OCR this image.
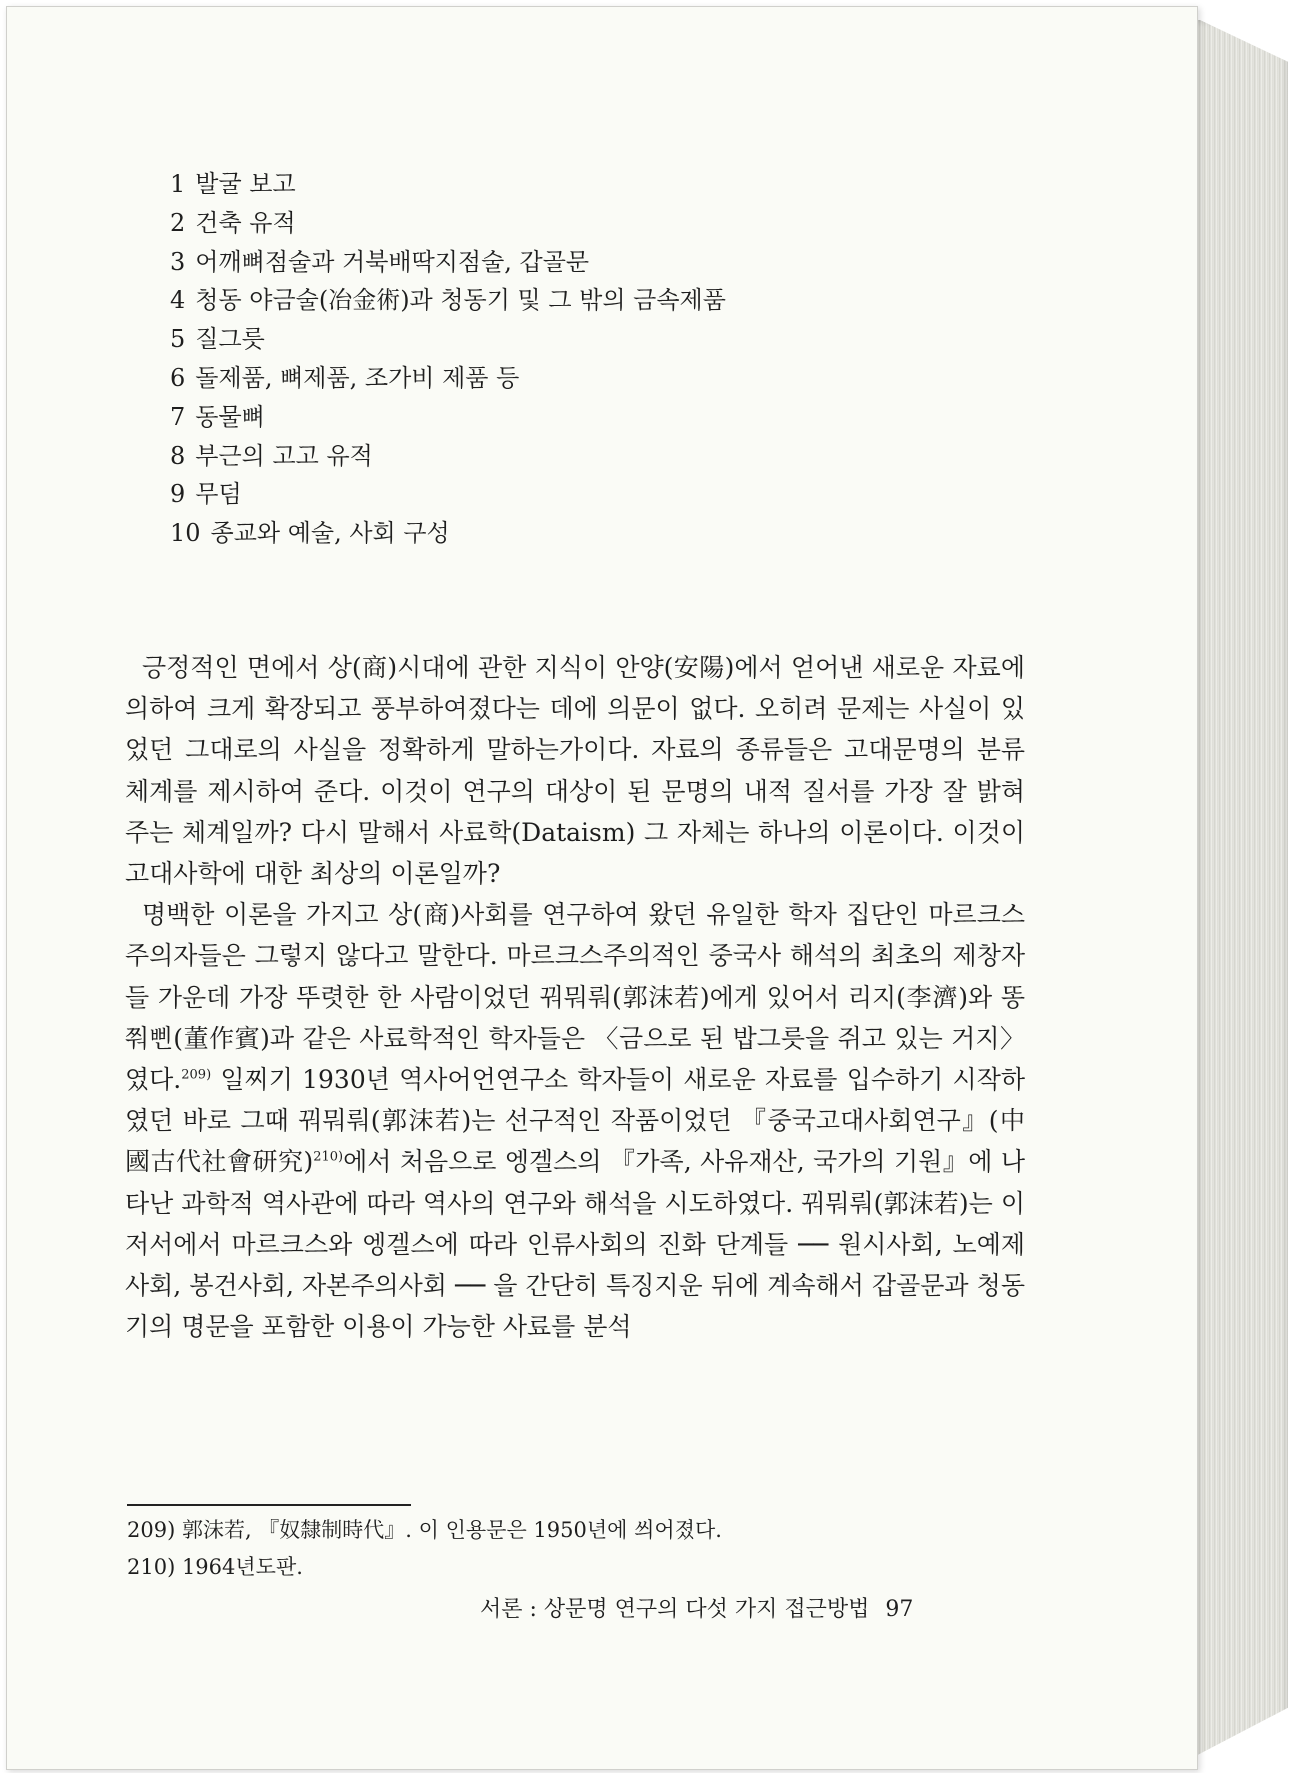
1 발굴 보고
2 건축 유적
3 어깨뼈점술과 거북배딱지점술, 갑골문
4 청동 야금술(冶金術)과 청동기 및 그 밖의 금속제품
5 질그릇
6 돌제품, 뼈제품, 조가비 제품 등
7 동물뼈
8 부근의 고고 유적
9 무덤
10 종교와 예술, 사회 구성

긍정적인 면에서 상(商)시대에 관한 지식이 안양(安陽)에서 얻어낸 새로운 자료에 의하여 크게 확장되고 풍부하여졌다는 데에 의문이 없다. 오히려 문제는 사실이 있었던 그대로의 사실을 정확하게 말하는가이다. 자료의 종류들은 고대문명의 분류 체계를 제시하여 준다. 이것이 연구의 대상이 된 문명의 내적 질서를 가장 잘 밝혀 주는 체계일까? 다시 말해서 사료학(Dataism) 그 자체는 하나의 이론이다. 이것이 고대사학에 대한 최상의 이론일까?

명백한 이론을 가지고 상(商)사회를 연구하여 왔던 유일한 학자 집단인 마르크스주의자들은 그렇지 않다고 말한다. 마르크스주의적인 중국사 해석의 최초의 제창자들 가운데 가장 뚜렷한 한 사람이었던 꿔뭐뤄(郭沫若)에게 있어서 리지(李濟)와 똥쭤삔(董作賓)과 같은 사료학적인 학자들은 〈금으로 된 밥그릇을 쥐고 있는 거지〉였다.$^{209)}$ 일찌기 1930년 역사어언연구소 학자들이 새로운 자료를 입수하기 시작하였던 바로 그때 꿔뭐뤄(郭沫若)는 선구적인 작품이었던 『중국고대사회연구』(中國古代社會研究)$^{210)}$에서 처음으로 엥겔스의 『가족, 사유재산, 국가의 기원』에 나타난 과학적 역사관에 따라 역사의 연구와 해석을 시도하였다. 꿔뭐뤄(郭沫若)는 이 저서에서 마르크스와 엥겔스에 따라 인류사회의 진화 단계들 ── 원시사회, 노예제사회, 봉건사회, 자본주의사회 ── 을 간단히 특징지운 뒤에 계속해서 갑골문과 청동기의 명문을 포함한 이용이 가능한 사료를 분석

서론 : 상문명 연구의 다섯 가지 접근방법 97
209) 郭沫若, 『奴隸制時代』. 이 인용문은 1950년에 씌어졌다.
210) 1964년도판.
